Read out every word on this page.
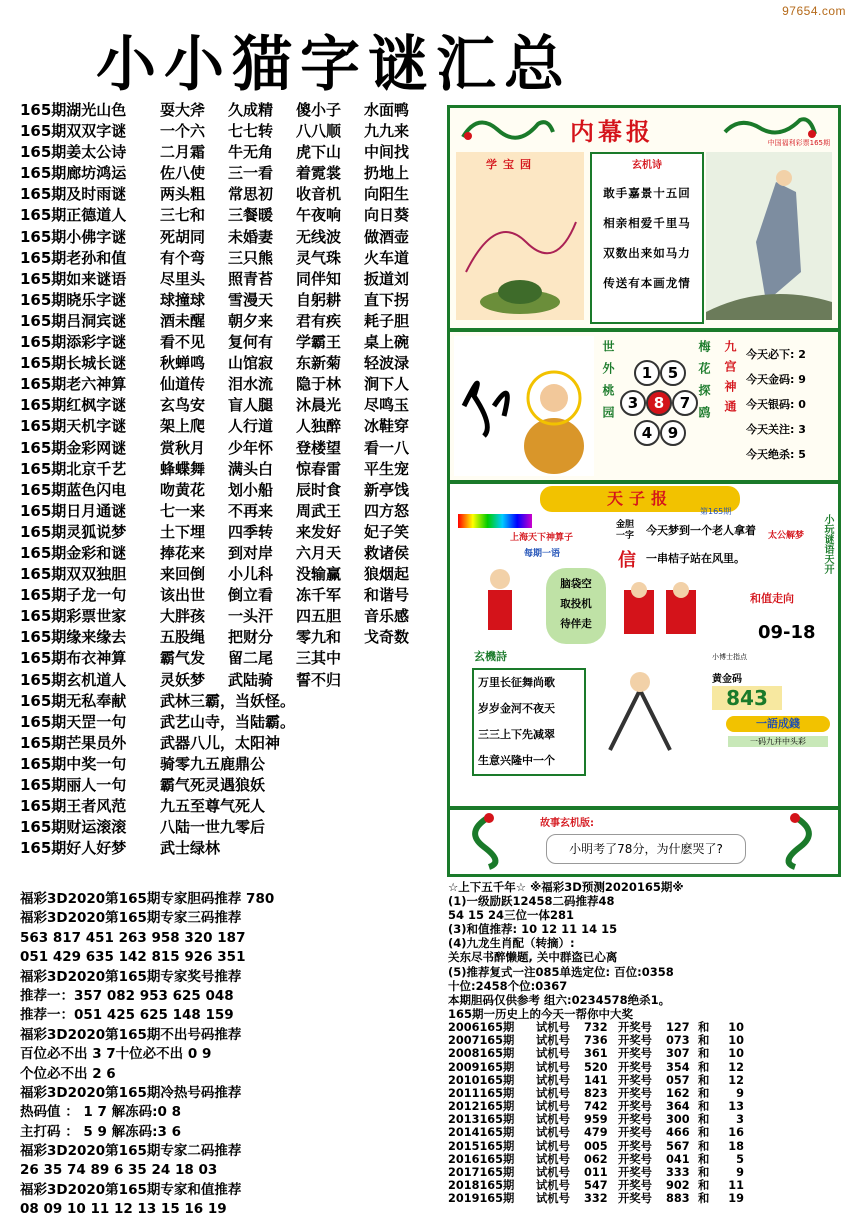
97654.com
小小猫字谜汇总
165期湖光山色	耍大斧	久成精	傻小子	水面鸭
165期双双字谜	一个六	七七转	八八顺	九九来
165期姜太公诗	二月霜	牛无角	虎下山	中间找
165期廊坊鸿运	佐八使	三一看	着霓裳	扔地上
165期及时雨谜	两头粗	常思初	收音机	向阳生
165期正德道人	三七和	三餐暖	午夜响	向日葵
165期小佛字谜	死胡同	未婚妻	无线波	做酒壶
165期老孙和值	有个弯	三只熊	灵气珠	火车道
165期如来谜语	尽里头	照青苔	同伴知	扳道刘
165期晓乐字谜	球撞球	雪漫天	自躬耕	直下拐
165期吕洞宾谜	酒未醒	朝夕来	君有疾	耗子胆
165期添彩字谜	看不见	复何有	学霸王	桌上碗
165期长城长谜	秋蝉鸣	山馆寂	东新菊	轻波渌
165期老六神算	仙道传	泪水流	隐于林	涧下人
165期红枫字谜	玄鸟安	盲人腿	沐晨光	尽鸣玉
165期天机字谜	架上爬	人行道	人独醉	冰鞋穿
165期金彩网谜	赏秋月	少年怀	登楼望	看一八
165期北京千艺	蜂蝶舞	满头白	惊春雷	平生宠
165期蓝色闪电	吻黄花	划小船	辰时食	新亭饯
165期日月通谜	七一来	不再来	周武王	四方怒
165期灵狐说梦	土下埋	四季转	来发好	妃子笑
165期金彩和谜	捧花来	到对岸	六月天	救诸侯
165期双双独胆	来回倒	小儿科	没输赢	狼烟起
165期子龙一句	该出世	倒立看	冻千军	和谐号
165期彩票世家	大胖孩	一头汗	四五胆	音乐感
165期缘来缘去	五股绳	把财分	零九和	戈奇数
165期布衣神算	霸气发	留二尾	三其中
165期玄机道人	灵妖梦	武陆骑	誓不归
165期无私奉献	武林三霸，当妖怪。
165期天罡一句	武艺山寺，当陆霸。
165期芒果员外	武器八儿，太阳神
165期中奖一句	骑零九五鹿鼎公
165期丽人一句	霸气死灵遇狼妖
165期王者风范	九五至尊气死人
165期财运滚滚	八陆一世九零后
165期好人好梦	武士绿林
福彩3D2020第165期专家胆码推荐 780
福彩3D2020第165期专家三码推荐
563 817 451 263 958 320 187
051 429 635 142 815 926 351
福彩3D2020第165期专家奖号推荐
推荐一：357 082 953 625 048
推荐一：051 425 625 148 159
福彩3D2020第165期不出号码推荐
百位必不出 3 7十位必不出 0 9
个位必不出 2 6
福彩3D2020第165期冷热号码推荐
热码值 ： 1 7 解冻码:0 8
主打码 ： 5 9 解冻码:3 6
福彩3D2020第165期专家二码推荐
26 35 74 89 6 35 24 18 03
福彩3D2020第165期专家和值推荐
08 09 10 11 12 13 15 16 19
☆上下五千年☆ ※福彩3D预测2020165期※
(1)一级励跃12458二码推荐48
54 15 24三位一体281
(3)和值推荐: 10 12 11 14 15
(4)九龙生肖配（转摘）:
关东尽书醉懒题, 关中群盗已心离
(5)推荐复式一注085单选定位: 百位:0358
十位:2458个位:0367
本期胆码仅供参考 组六:0234578绝杀1。
165期一历史上的今天一帮你中大奖
2006165期	试机号	732 开奖号	127 和	10
2007165期	试机号	736 开奖号	073 和	10
2008165期	试机号	361 开奖号	307 和	10
2009165期	试机号	520 开奖号	354 和	12
2010165期	试机号	141 开奖号	057 和	12
2011165期	试机号	823 开奖号	162 和	9
2012165期	试机号	742 开奖号	364 和	13
2013165期	试机号	959 开奖号	300 和	3
2014165期	试机号	479 开奖号	466 和	16
2015165期	试机号	005 开奖号	567 和	18
2016165期	试机号	062 开奖号	041 和	5
2017165期	试机号	011 开奖号	333 和	9
2018165期	试机号	547 开奖号	902 和	11
2019165期	试机号	332 开奖号	883 和	19
内幕报	中国福利彩票165期
学宝园	玄机诗
敢手嘉景十五回
相亲相爱千里马
双数出来如马力
传送有本画龙情
世外桃园	1	5
3	8	7
4	9
梅花探鸥 九宫神通 今天必下: 2
今天金码: 9
今天银码: 0
今天关注: 3
今天绝杀: 5
天子报
第165期
上海天下神算子
每期一语
脑袋空
取投机
待伴走
金胆一字
信
今天梦到一个老人拿着
一串桔子站在风里。	小玩谜语天开
太公解梦
和值走向
09-18
小博士指点
黄金码
843
玄機詩
万里长征舞尚歌
岁岁金河不夜天
三三上下先减翠
生意兴隆中一个
一語成錢
一码九并中头彩
故事玄机版:
小明考了78分，为什麽哭了?
